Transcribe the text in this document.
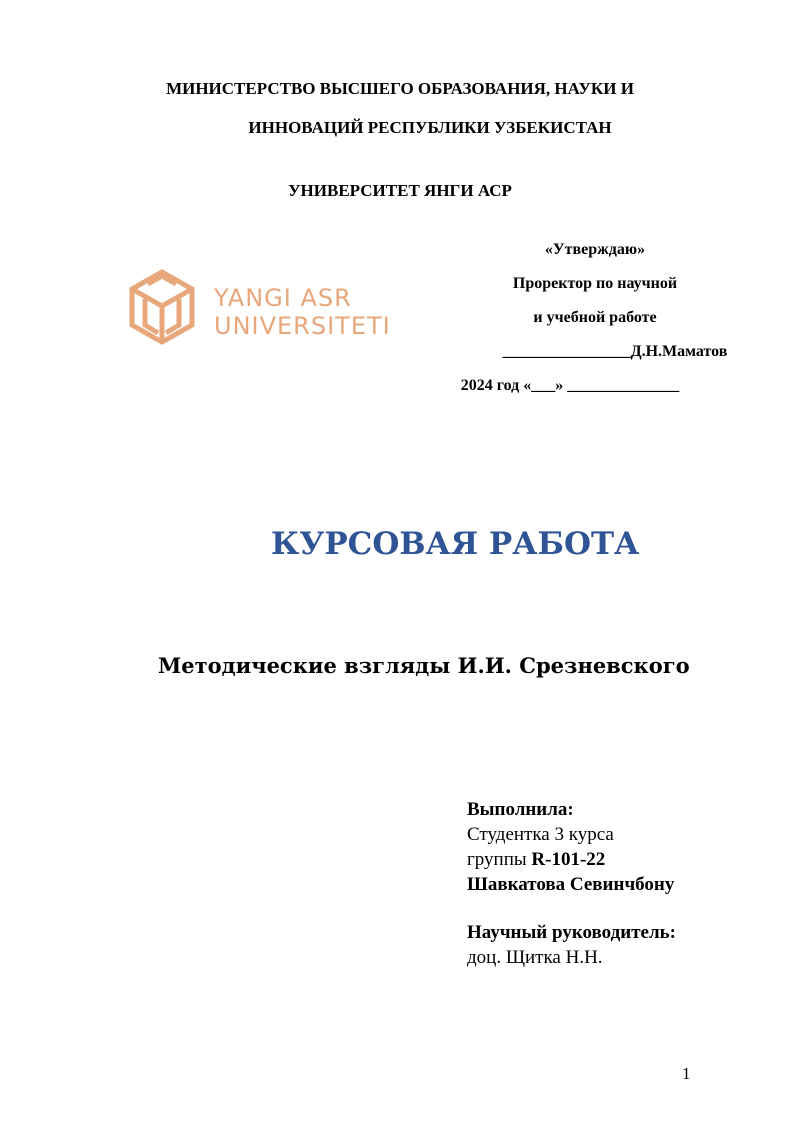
МИНИСТЕРСТВО ВЫСШЕГО ОБРАЗОВАНИЯ, НАУКИ И
ИННОВАЦИЙ РЕСПУБЛИКИ УЗБЕКИСТАН
УНИВЕРСИТЕТ ЯНГИ АСР
YANGI ASR
UNIVERSITETI
«Утверждаю»
Проректор по научной
и учебной работе
________________Д.Н.Маматов
2024 год «___» ______________
КУРСОВАЯ РАБОТА
Методические взгляды И.И. Срезневского
Выполнила:
Студентка 3 курса
группы R-101-22
Шавкатова Севинчбону
Научный руководитель:
доц. Щитка Н.Н.
1
